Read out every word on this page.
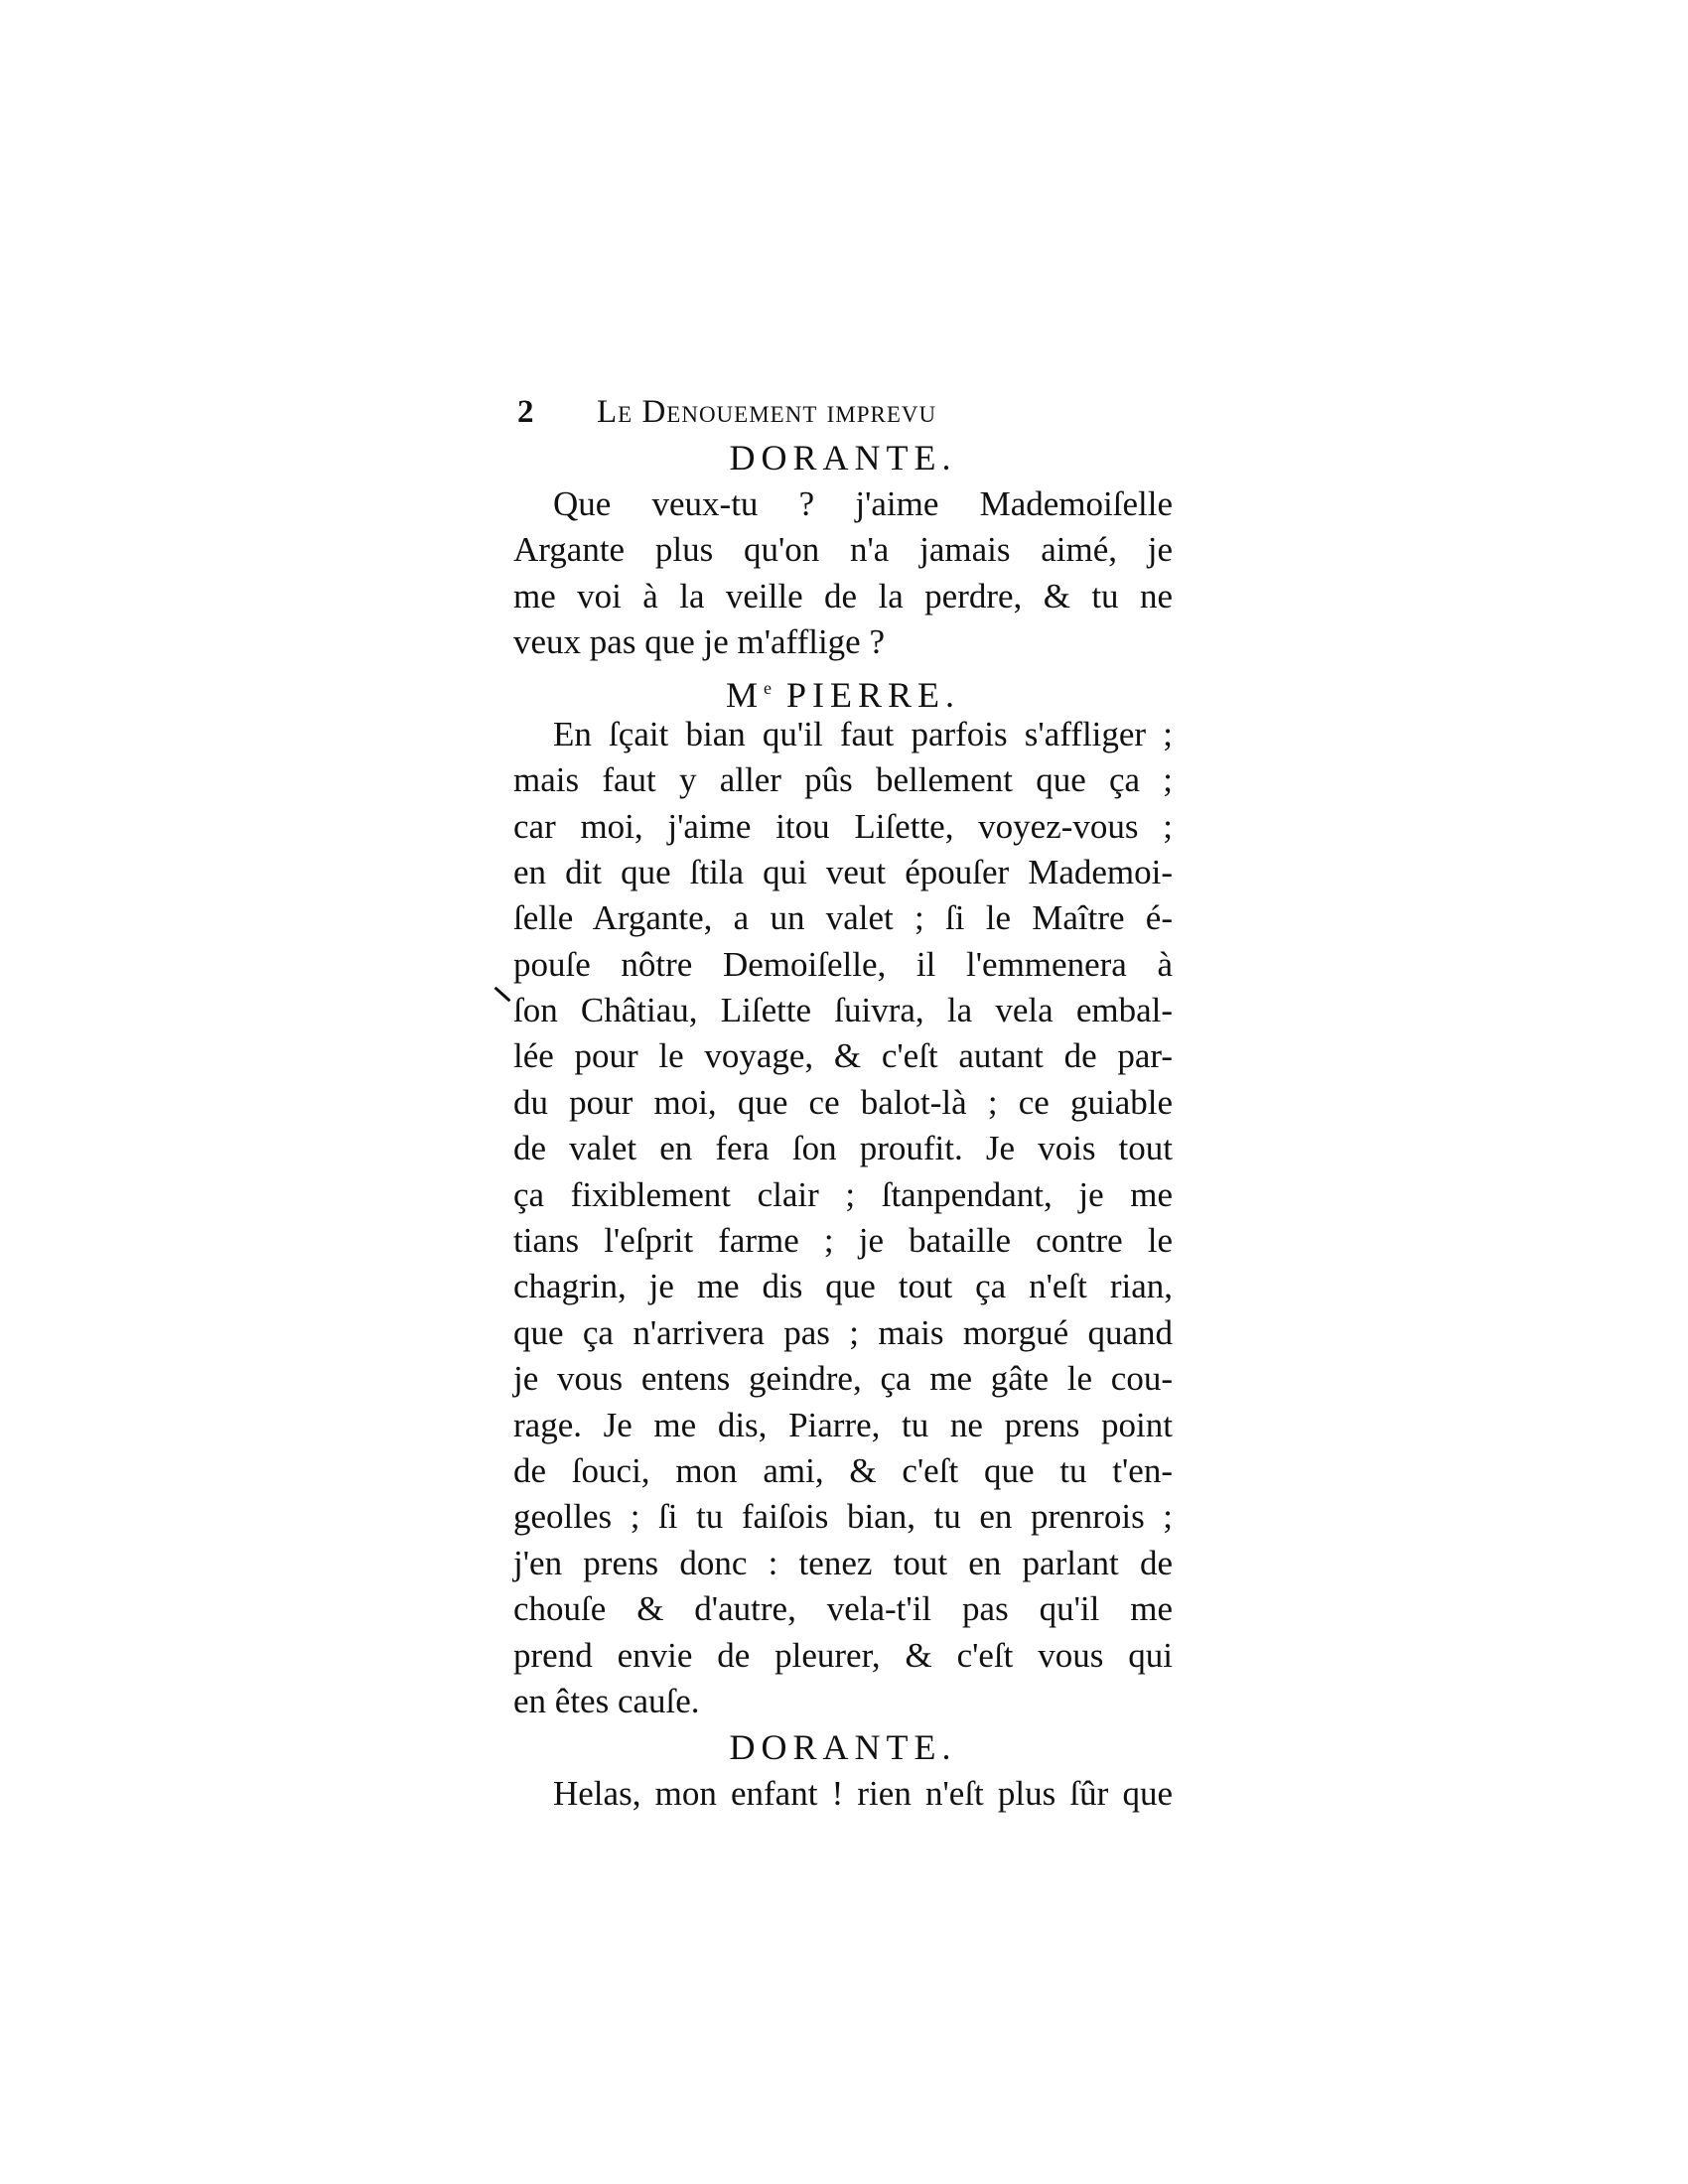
2	Le Denouement imprevu
DORANTE.
Que veux-tu ? j'aime Mademoiſelle
Argante plus qu'on n'a jamais aimé, je
me voi à la veille de la perdre, & tu ne
veux pas que je m'afflige ?
Me PIERRE.
En ſçait bian qu'il faut parfois s'affliger ;
mais faut y aller pûs bellement que ça ;
car moi, j'aime itou Liſette, voyez-vous ;
en dit que ſtila qui veut épouſer Mademoi-
ſelle Argante, a un valet ; ſi le Maître é-
pouſe nôtre Demoiſelle, il l'emmenera à
ſon Châtiau, Liſette ſuivra, la vela embal-
lée pour le voyage, & c'eſt autant de par-
du pour moi, que ce balot-là ; ce guiable
de valet en fera ſon proufit. Je vois tout
ça fixiblement clair ; ſtanpendant, je me
tians l'eſprit farme ; je bataille contre le
chagrin, je me dis que tout ça n'eſt rian,
que ça n'arrivera pas ; mais morgué quand
je vous entens geindre, ça me gâte le cou-
rage. Je me dis, Piarre, tu ne prens point
de ſouci, mon ami, & c'eſt que tu t'en-
geolles ; ſi tu faiſois bian, tu en prenrois ;
j'en prens donc : tenez tout en parlant de
chouſe & d'autre, vela-t'il pas qu'il me
prend envie de pleurer, & c'eſt vous qui
en êtes cauſe.
DORANTE.
Helas, mon enfant ! rien n'eſt plus ſûr que
